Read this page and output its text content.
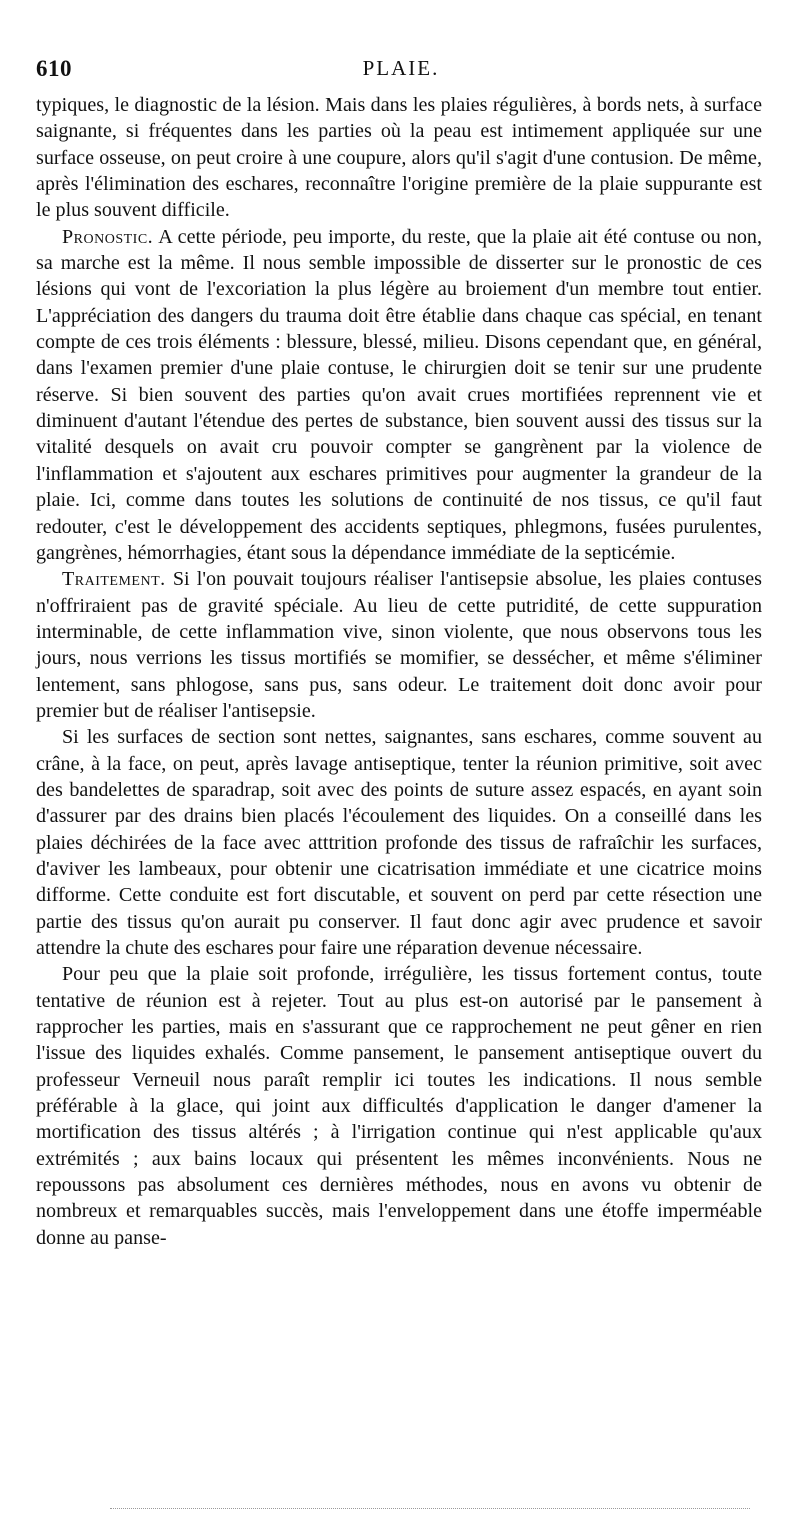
610	PLAIE.

typiques, le diagnostic de la lésion. Mais dans les plaies régulières, à bords nets, à surface saignante, si fréquentes dans les parties où la peau est intimement appliquée sur une surface osseuse, on peut croire à une coupure, alors qu'il s'agit d'une contusion. De même, après l'élimination des eschares, reconnaître l'origine première de la plaie suppurante est le plus souvent difficile.

Pronostic. A cette période, peu importe, du reste, que la plaie ait été contuse ou non, sa marche est la même. Il nous semble impossible de disserter sur le pronostic de ces lésions qui vont de l'excoriation la plus légère au broiement d'un membre tout entier. L'appréciation des dangers du trauma doit être établie dans chaque cas spécial, en tenant compte de ces trois éléments : blessure, blessé, milieu. Disons cependant que, en général, dans l'examen premier d'une plaie contuse, le chirurgien doit se tenir sur une prudente réserve. Si bien souvent des parties qu'on avait crues mortifiées reprennent vie et diminuent d'autant l'étendue des pertes de substance, bien souvent aussi des tissus sur la vitalité desquels on avait cru pouvoir compter se gangrènent par la violence de l'inflammation et s'ajoutent aux eschares primitives pour augmenter la grandeur de la plaie. Ici, comme dans toutes les solutions de continuité de nos tissus, ce qu'il faut redouter, c'est le développement des accidents septiques, phlegmons, fusées purulentes, gangrènes, hémorrhagies, étant sous la dépendance immédiate de la septicémie.

Traitement. Si l'on pouvait toujours réaliser l'antisepsie absolue, les plaies contuses n'offriraient pas de gravité spéciale. Au lieu de cette putridité, de cette suppuration interminable, de cette inflammation vive, sinon violente, que nous observons tous les jours, nous verrions les tissus mortifiés se momifier, se dessécher, et même s'éliminer lentement, sans phlogose, sans pus, sans odeur. Le traitement doit donc avoir pour premier but de réaliser l'antisepsie.

Si les surfaces de section sont nettes, saignantes, sans eschares, comme souvent au crâne, à la face, on peut, après lavage antiseptique, tenter la réunion primitive, soit avec des bandelettes de sparadrap, soit avec des points de suture assez espacés, en ayant soin d'assurer par des drains bien placés l'écoulement des liquides. On a conseillé dans les plaies déchirées de la face avec atttrition profonde des tissus de rafraîchir les surfaces, d'aviver les lambeaux, pour obtenir une cicatrisation immédiate et une cicatrice moins difforme. Cette conduite est fort discutable, et souvent on perd par cette résection une partie des tissus qu'on aurait pu conserver. Il faut donc agir avec prudence et savoir attendre la chute des eschares pour faire une réparation devenue nécessaire.

Pour peu que la plaie soit profonde, irrégulière, les tissus fortement contus, toute tentative de réunion est à rejeter. Tout au plus est-on autorisé par le pansement à rapprocher les parties, mais en s'assurant que ce rapprochement ne peut gêner en rien l'issue des liquides exhalés. Comme pansement, le pansement antiseptique ouvert du professeur Verneuil nous paraît remplir ici toutes les indications. Il nous semble préférable à la glace, qui joint aux difficultés d'application le danger d'amener la mortification des tissus altérés ; à l'irrigation continue qui n'est applicable qu'aux extrémités ; aux bains locaux qui présentent les mêmes inconvénients. Nous ne repoussons pas absolument ces dernières méthodes, nous en avons vu obtenir de nombreux et remarquables succès, mais l'enveloppement dans une étoffe imperméable donne au panse-
